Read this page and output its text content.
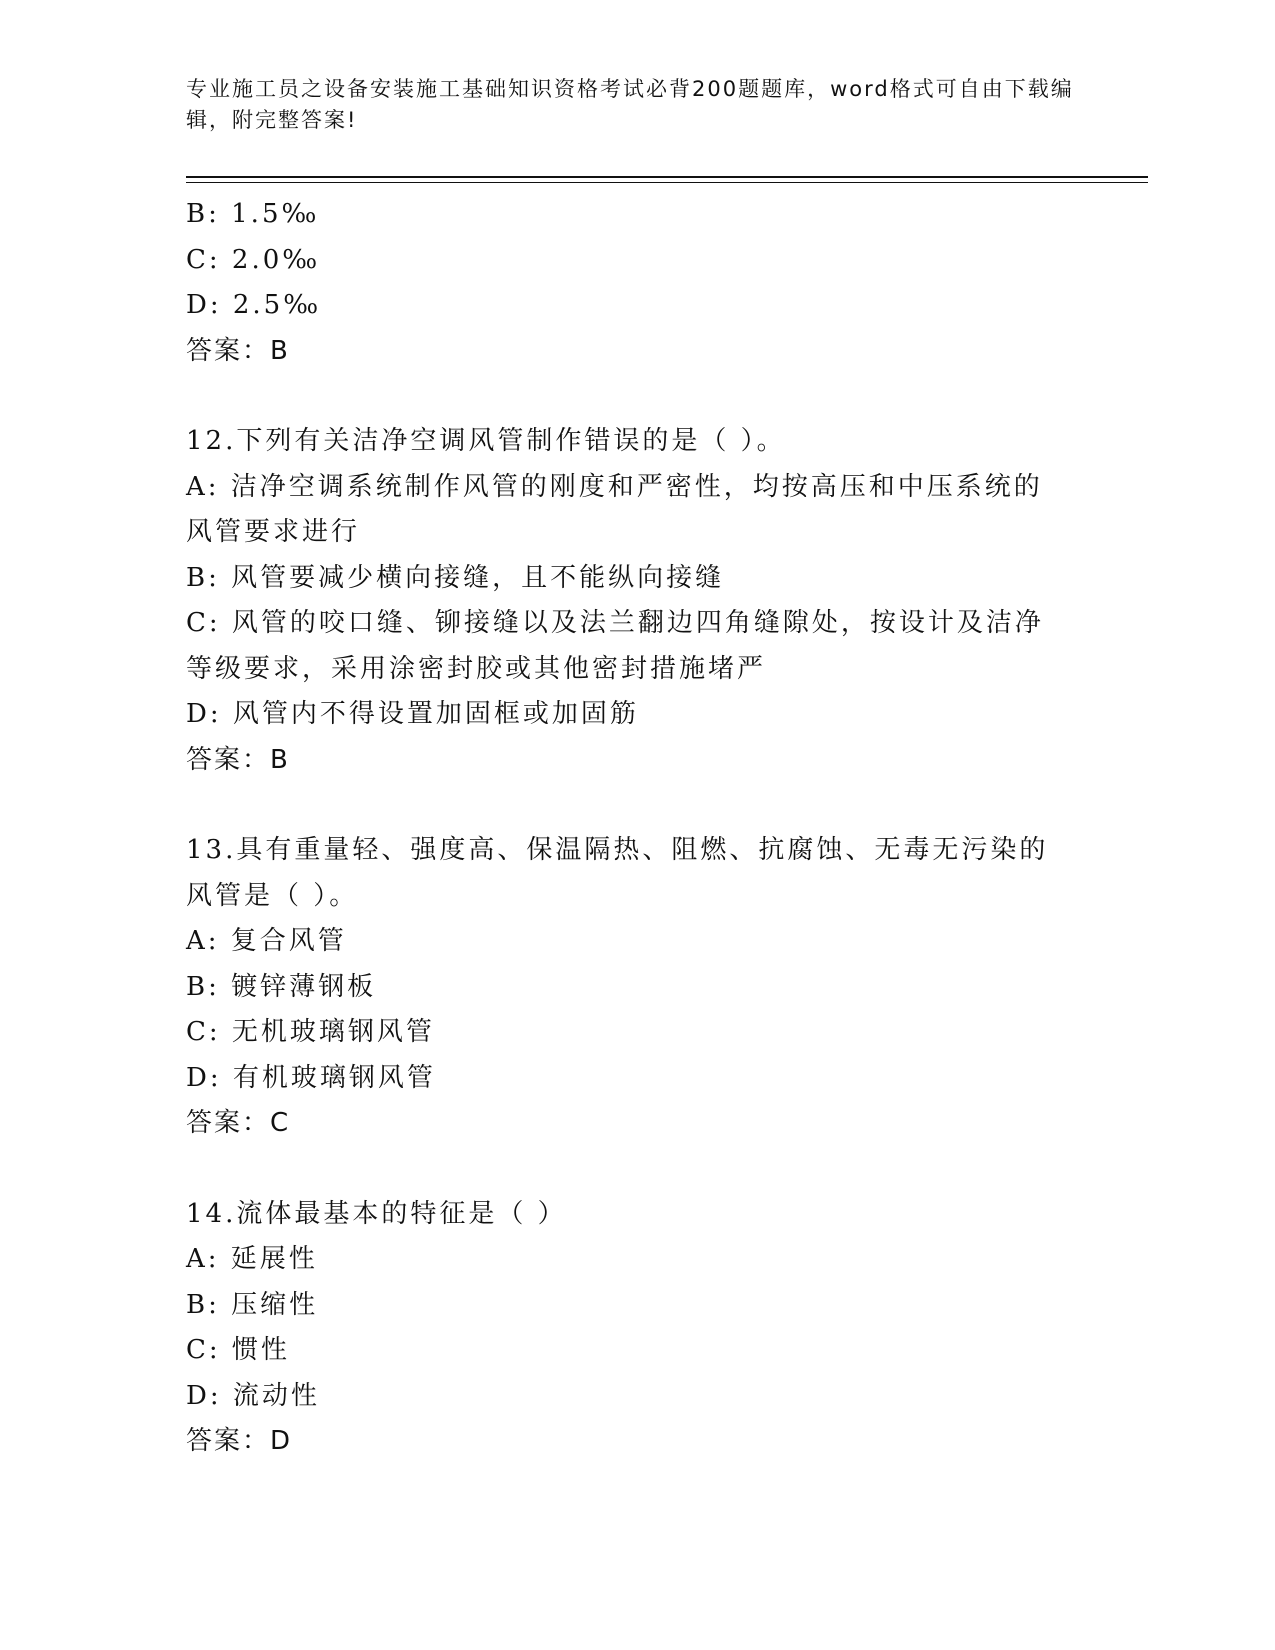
专业施工员之设备安装施工基础知识资格考试必背200题题库，word格式可自由下载编辑，附完整答案!
B: 1.5‰
C: 2.0‰
D: 2.5‰
答案：B
12.下列有关洁净空调风管制作错误的是（ ）。
A: 洁净空调系统制作风管的刚度和严密性，均按高压和中压系统的风管要求进行
B: 风管要减少横向接缝，且不能纵向接缝
C: 风管的咬口缝、铆接缝以及法兰翻边四角缝隙处，按设计及洁净等级要求，采用涂密封胶或其他密封措施堵严
D: 风管内不得设置加固框或加固筋
答案：B
13.具有重量轻、强度高、保温隔热、阻燃、抗腐蚀、无毒无污染的风管是（ ）。
A: 复合风管
B: 镀锌薄钢板
C: 无机玻璃钢风管
D: 有机玻璃钢风管
答案：C
14.流体最基本的特征是（ ）
A: 延展性
B: 压缩性
C: 惯性
D: 流动性
答案：D
